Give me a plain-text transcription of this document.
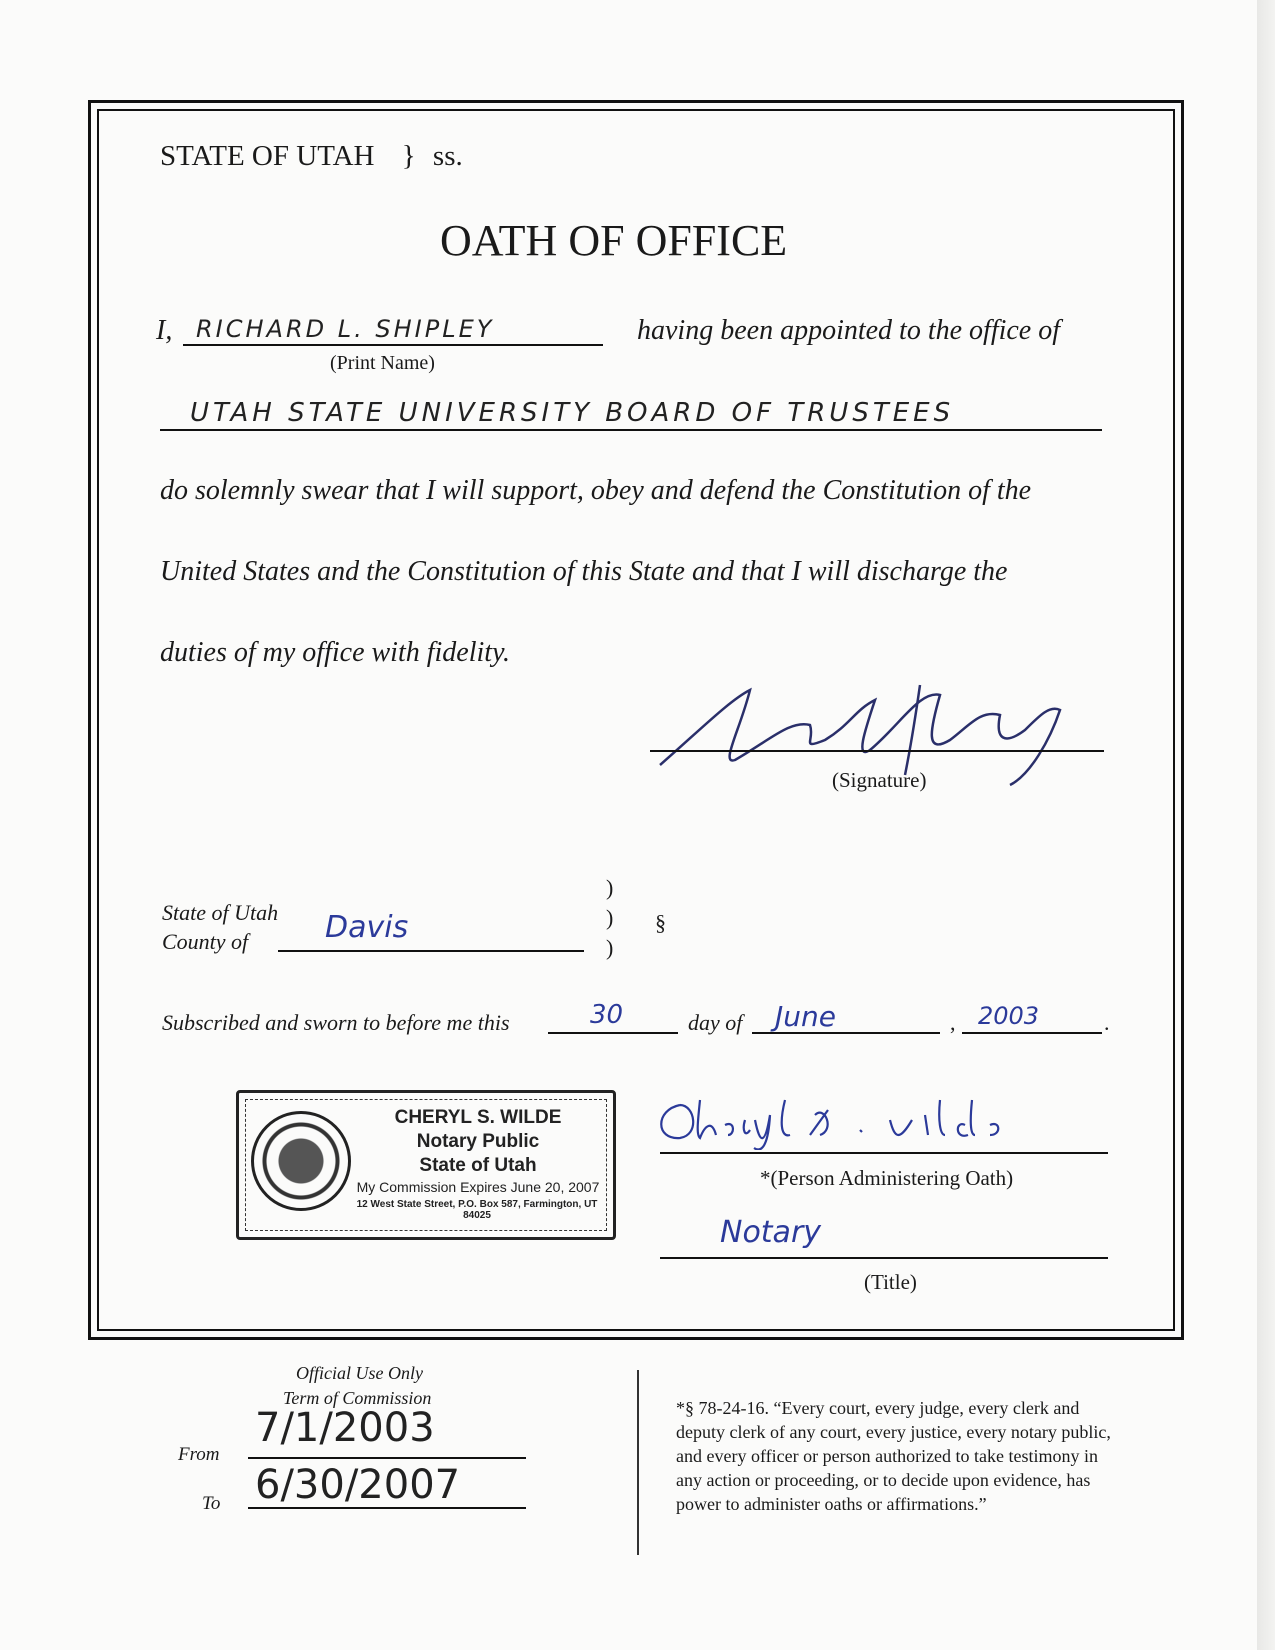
STATE OF UTAH } ss.
OATH OF OFFICE
I, RICHARD L. SHIPLEY
(Print Name)
having been appointed to the office of
UTAH STATE UNIVERSITY BOARD OF TRUSTEES
do solemnly swear that I will support, obey and defend the Constitution of the
United States and the Constitution of this State and that I will discharge the
duties of my office with fidelity.
(Signature)
State of Utah
County of	Davis
)
)
)
§
Subscribed and sworn to before me this	30	day of June	, 2003	.
CHERYL S. WILDE
Notary Public
State of Utah
My Commission Expires June 20, 2007
12 West State Street, P.O. Box 587, Farmington, UT 84025
*(Person Administering Oath)
Notary
(Title)
Official Use Only
Term of Commission
From
7/1/2003
To 6/30/2007
*§ 78-24-16. “Every court, every judge, every clerk and
deputy clerk of any court, every justice, every notary public,
and every officer or person authorized to take testimony in
any action or proceeding, or to decide upon evidence, has
power to administer oaths or affirmations.”
